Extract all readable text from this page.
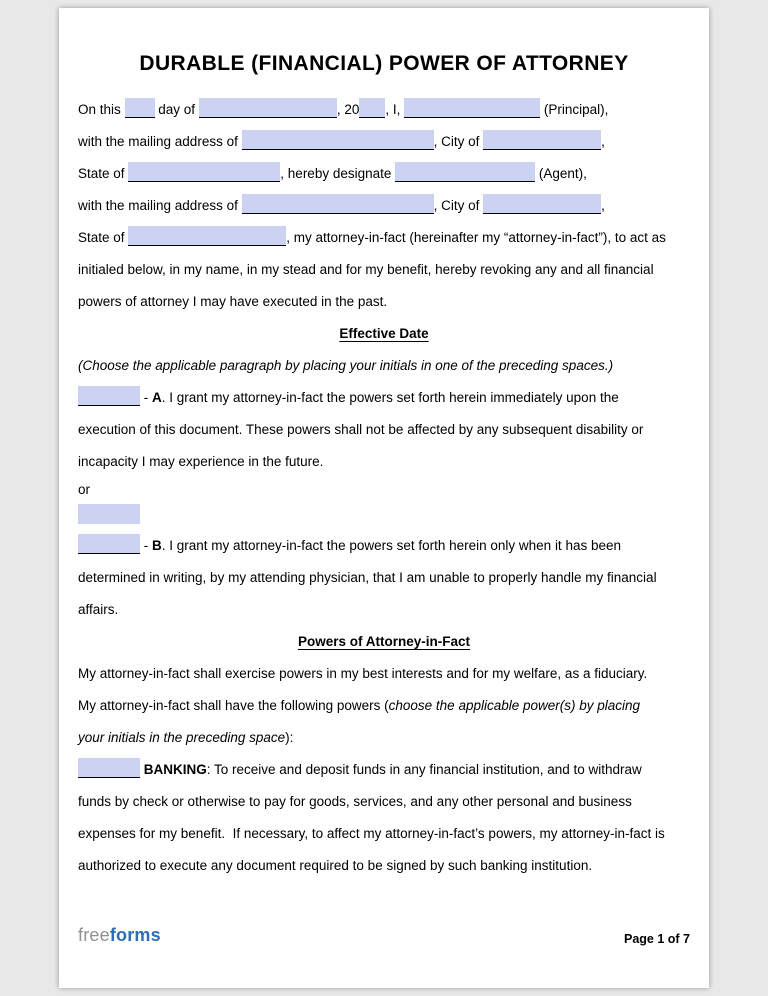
DURABLE (FINANCIAL) POWER OF ATTORNEY
On this  day of	, 20 , I,	(Principal),
with the mailing address of	, City of	,
State of	, hereby designate	(Agent),
with the mailing address of	, City of	,
State of	, my attorney-in-fact (hereinafter my “attorney-in-fact”), to act as
initialed below, in my name, in my stead and for my benefit, hereby revoking any and all financial
powers of attorney I may have executed in the past.
Effective Date
(Choose the applicable paragraph by placing your initials in one of the preceding spaces.)
- A. I grant my attorney-in-fact the powers set forth herein immediately upon the
execution of this document. These powers shall not be affected by any subsequent disability or
incapacity I may experience in the future.
or
- B. I grant my attorney-in-fact the powers set forth herein only when it has been
determined in writing, by my attending physician, that I am unable to properly handle my financial
affairs.
Powers of Attorney-in-Fact
My attorney-in-fact shall exercise powers in my best interests and for my welfare, as a fiduciary.
My attorney-in-fact shall have the following powers (choose the applicable power(s) by placing
your initials in the preceding space):
BANKING: To receive and deposit funds in any financial institution, and to withdraw
funds by check or otherwise to pay for goods, services, and any other personal and business
expenses for my benefit.  If necessary, to affect my attorney-in-fact’s powers, my attorney-in-fact is
authorized to execute any document required to be signed by such banking institution.
freeforms	Page 1 of 7
